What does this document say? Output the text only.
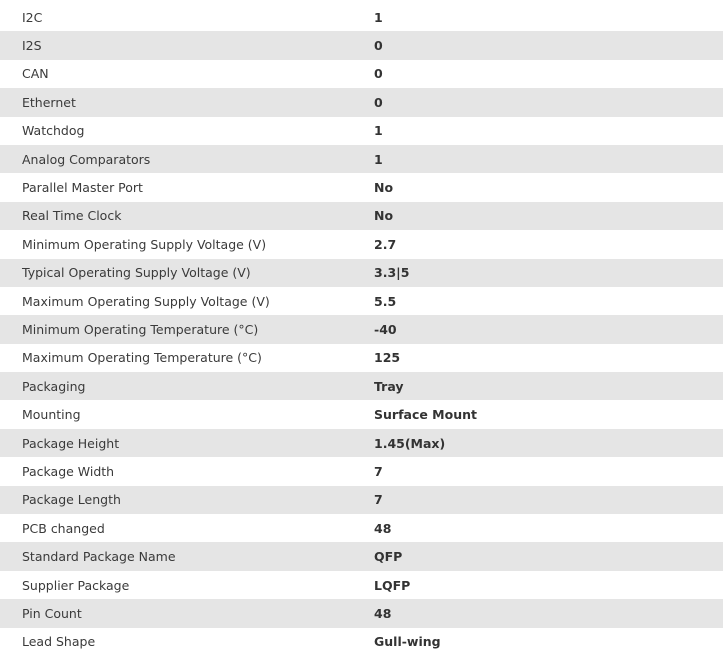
I2C	1
I2S	0
CAN	0
Ethernet	0
Watchdog	1
Analog Comparators	1
Parallel Master Port	No
Real Time Clock	No
Minimum Operating Supply Voltage (V)	2.7
Typical Operating Supply Voltage (V)	3.3|5
Maximum Operating Supply Voltage (V)	5.5
Minimum Operating Temperature (°C)	-40
Maximum Operating Temperature (°C)	125
Packaging	Tray
Mounting	Surface Mount
Package Height	1.45(Max)
Package Width	7
Package Length	7
PCB changed	48
Standard Package Name	QFP
Supplier Package	LQFP
Pin Count	48
Lead Shape	Gull-wing
